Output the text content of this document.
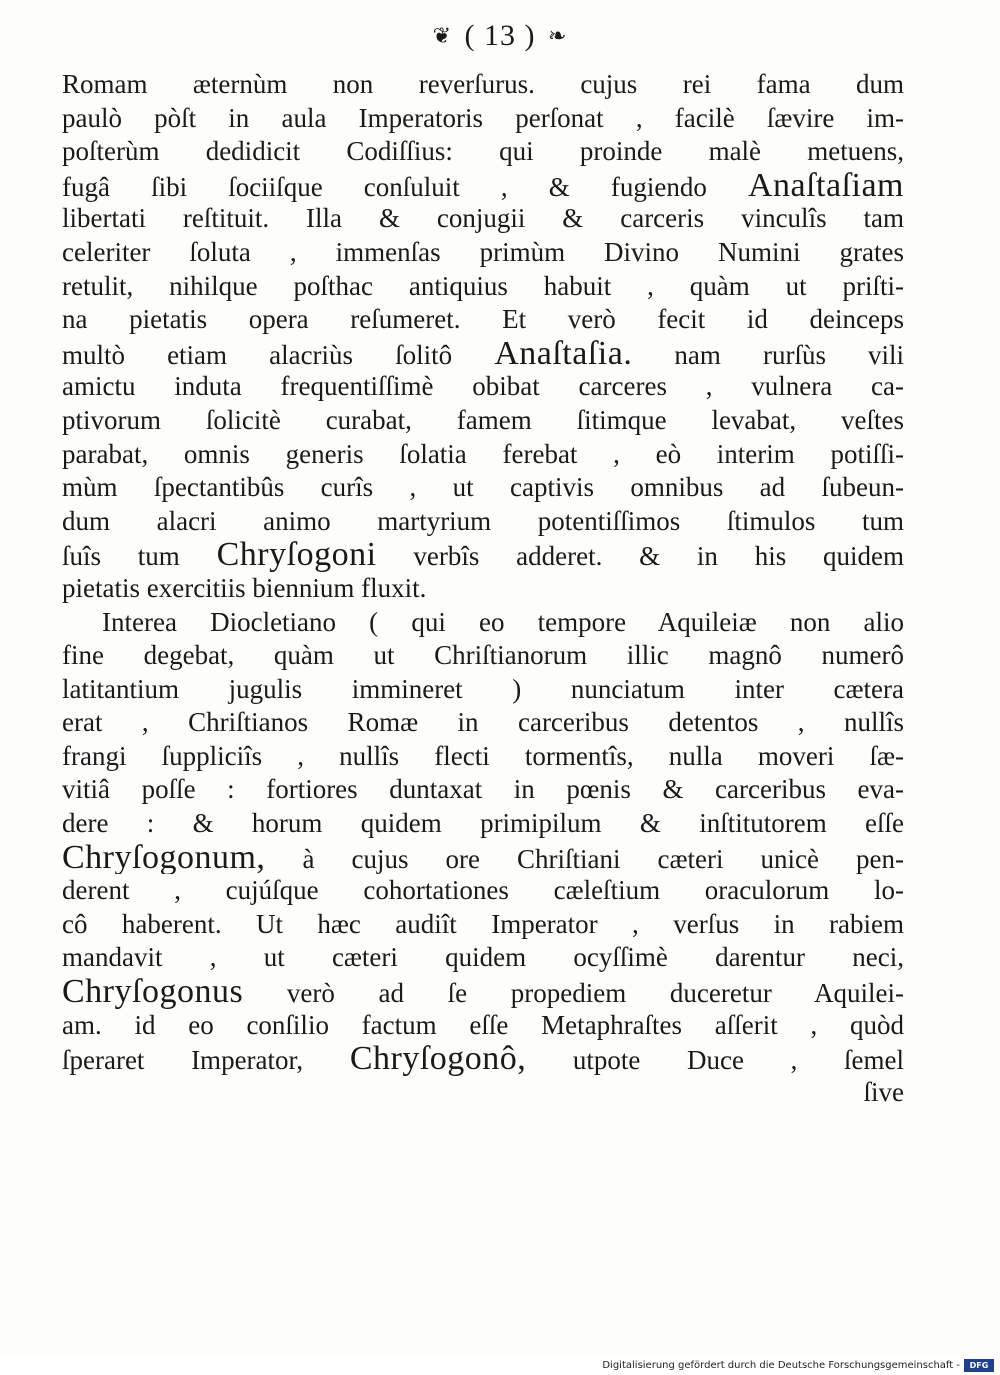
❦ ( 13 ) ❧
Romam æternùm non reverſurus. cujus rei fama dum
paulò pòſt in aula Imperatoris perſonat , facilè ſævire im-
poſterùm dedidicit Codiſſius: qui proinde malè metuens,
fugâ ſibi ſociiſque conſuluit , & fugiendo Anaſtaſiam
libertati reſtituit. Illa & conjugii & carceris vinculîs tam
celeriter ſoluta , immenſas primùm Divino Numini grates
retulit, nihilque poſthac antiquius habuit , quàm ut priſti-
na pietatis opera reſumeret. Et verò fecit id deinceps
multò etiam alacriùs ſolitô Anaſtaſia. nam rurſùs vili
amictu induta frequentiſſimè obibat carceres , vulnera ca-
ptivorum ſolicitè curabat, famem ſitimque levabat, veſtes
parabat, omnis generis ſolatia ferebat , eò interim potiſſi-
mùm ſpectantibûs curîs , ut captivis omnibus ad ſubeun-
dum alacri animo martyrium potentiſſimos ſtimulos tum
ſuîs tum Chryſogoni verbîs adderet. & in his quidem
pietatis exercitiis biennium fluxit.
Interea Diocletiano ( qui eo tempore Aquileiæ non alio
fine degebat, quàm ut Chriſtianorum illic magnô numerô
latitantium jugulis immineret ) nunciatum inter cætera
erat , Chriſtianos Romæ in carceribus detentos , nullîs
frangi ſuppliciîs , nullîs flecti tormentîs, nulla moveri ſæ-
vitiâ poſſe : fortiores duntaxat in pœnis & carceribus eva-
dere : & horum quidem primipilum & inſtitutorem eſſe
Chryſogonum, à cujus ore Chriſtiani cæteri unicè pen-
derent , cujúſque cohortationes cæleſtium oraculorum lo-
cô haberent. Ut hæc audiît Imperator , verſus in rabiem
mandavit , ut cæteri quidem ocyſſimè darentur neci,
Chryſogonus verò ad ſe propediem duceretur Aquilei-
am. id eo conſilio factum eſſe Metaphraſtes aſſerit , quòd
ſperaret Imperator, Chryſogonô, utpote Duce , ſemel
ſive
Digitalisierung gefördert durch die Deutsche Forschungsgemeinschaft -	DFG
